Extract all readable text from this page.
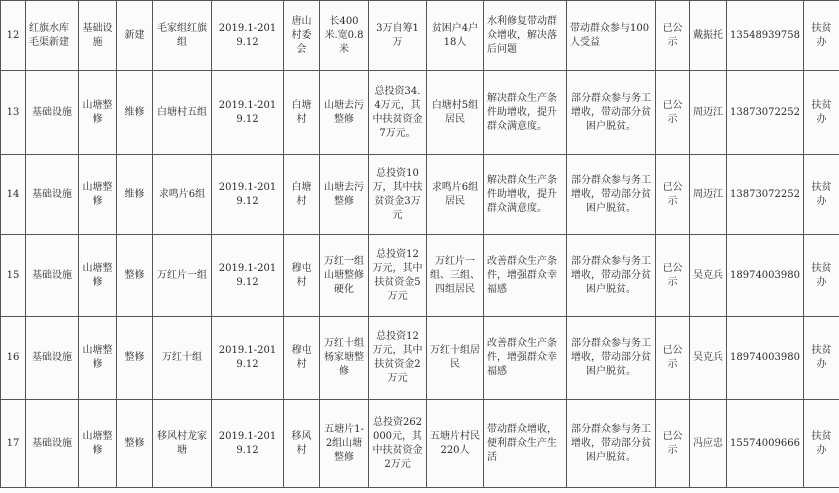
12	红旗水库毛渠新建	基础设施	新建	毛家组红旗组	2019.1-2019.12	唐山村委会	长400米.宽0.8米	3万自筹1万	贫困户4户18人	水利修复带动群众增收，解决落后问题	带动群众参与100人受益	已公示	戴振托	13548939758	扶贫办
13	基础设施	山塘整修	维修	白塘村五组	2019.1-2019.12	白塘村	山塘去污整修	总投资34.4万元，其中扶贫资金7万元。	白塘村5组居民	解决群众生产条件助增收，提升群众满意度。	部分群众参与务工增收，带动部分贫困户脱贫。	已公示	周迈江	13873072252	扶贫办
14	基础设施	山塘整修	维修	求鸣片6组	2019.1-2019.12	白塘村	山塘去污整修	总投资10万，其中扶贫资金3万元	求鸣片6组居民	解决群众生产条件助增收，提升群众满意度。	部分群众参与务工增收，带动部分贫困户脱贫。	已公示	周迈江	13873072252	扶贫办
15	基础设施	山塘整修	整修	万红片一组	2019.1-2019.12	穆屯村	万红一组山塘整修硬化	总投资12万元，其中扶贫资金5万元	万红片一组、三组、四组居民	改善群众生产条件，增强群众幸福感	部分群众参与务工增收，带动部分贫困户脱贫。	已公示	吴克兵	18974003980	扶贫办
16	基础设施	山塘整修	整修	万红十组	2019.1-2019.12	穆屯村	万红十组杨家塘整修	总投资12万元，其中扶贫资金2万元	万红十组居民	改善群众生产条件，增强群众幸福感	部分群众参与务工增收，带动部分贫困户脱贫。	已公示	吴克兵	18974003980	扶贫办
17	基础设施	山塘整修	整修	移风村龙家塘	2019.1-2019.12	移风村	五塘片1-2组山塘整修	总投资262000元，其中扶贫资金2万元	五塘片村民220人	带动群众增收，便利群众生产生活	部分群众参与务工增收，带动部分贫困户脱贫。	已公示	冯应忠	15574009666	扶贫办
